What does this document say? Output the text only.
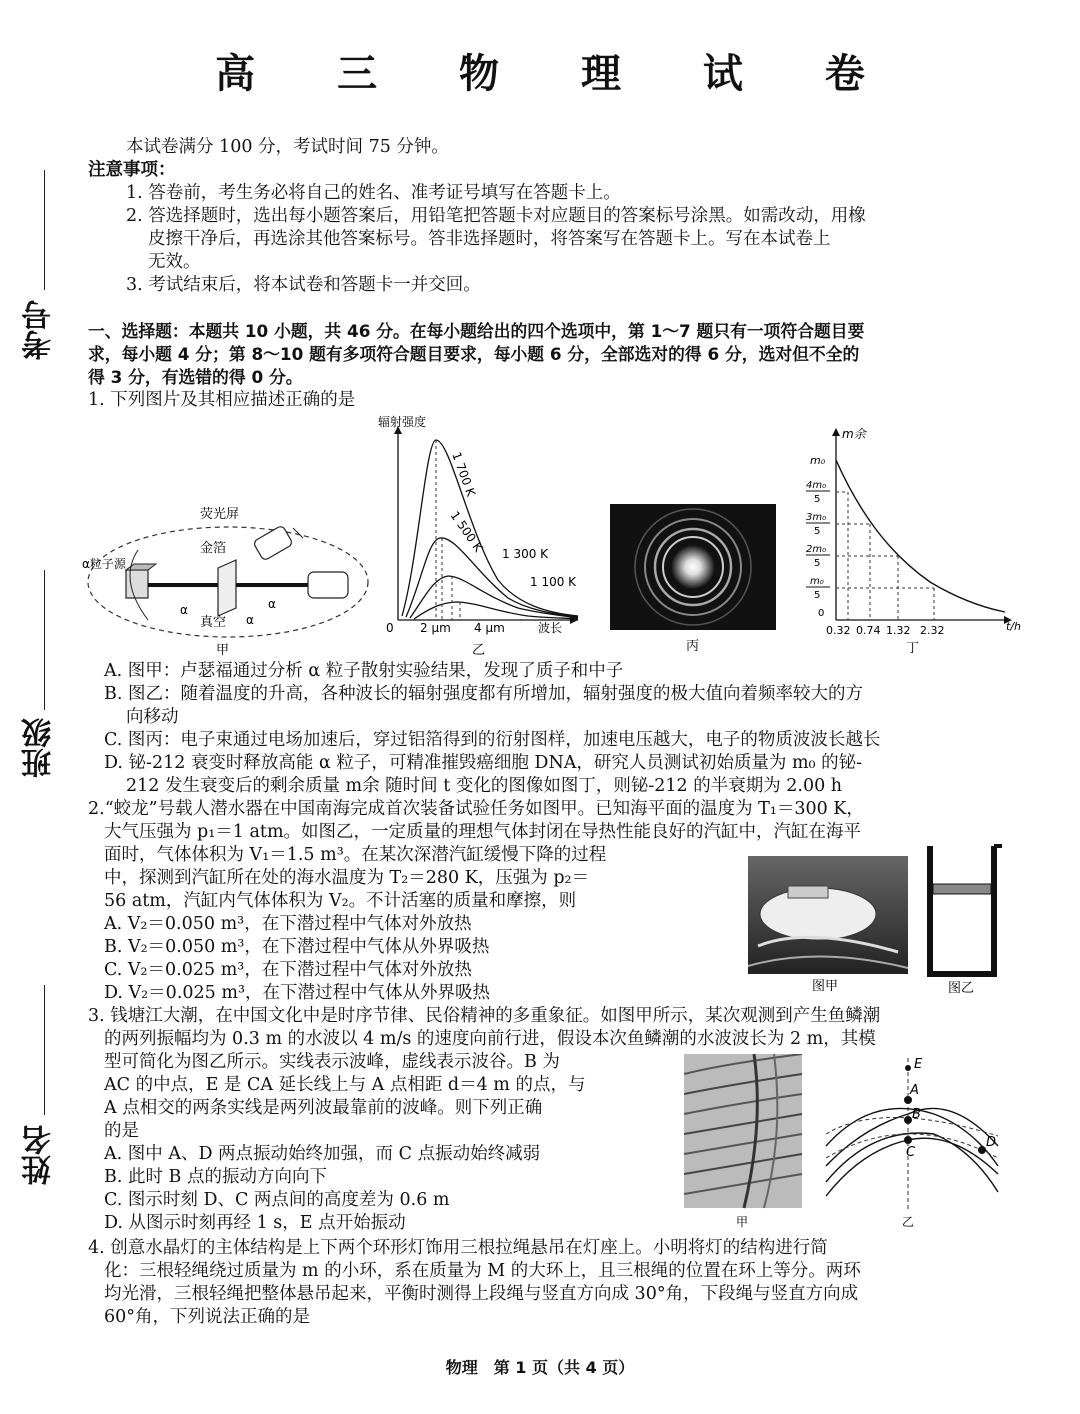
高 三 物 理 试 卷
考号
班级
姓名
本试卷满分 100 分，考试时间 75 分钟。
注意事项：
1. 答卷前，考生务必将自己的姓名、准考证号填写在答题卡上。
2. 答选择题时，选出每小题答案后，用铅笔把答题卡对应题目的答案标号涂黑。如需改动，用橡
皮擦干净后，再选涂其他答案标号。答非选择题时，将答案写在答题卡上。写在本试卷上
无效。
3. 考试结束后，将本试卷和答题卡一并交回。
一、选择题：本题共 10 小题，共 46 分。在每小题给出的四个选项中，第 1～7 题只有一项符合题目要
求，每小题 4 分；第 8～10 题有多项符合题目要求，每小题 6 分，全部选对的得 6 分，选对但不全的
得 3 分，有选错的得 0 分。
1. 下列图片及其相应描述正确的是
荧光屏
金箔
α粒子源
真空
α
α
α
甲
辐射强度
0 2 μm 4 μm	波长
1 700 K
1 500 K 1 300 K
1 100 K
乙	丙
m余
m₀
4m₀
5
3m₀
5
2m₀
5
m₀
5
0
0.32 0.74 1.32 2.32	t/h
丁
A. 图甲：卢瑟福通过分析 α 粒子散射实验结果，发现了质子和中子
B. 图乙：随着温度的升高，各种波长的辐射强度都有所增加，辐射强度的极大值向着频率较大的方
向移动
C. 图丙：电子束通过电场加速后，穿过铝箔得到的衍射图样，加速电压越大，电子的物质波波长越长
D. 铋-212 衰变时释放高能 α 粒子，可精准摧毁癌细胞 DNA，研究人员测试初始质量为 m₀ 的铋-
212 发生衰变后的剩余质量 m余 随时间 t 变化的图像如图丁，则铋-212 的半衰期为 2.00 h
2.“蛟龙”号载人潜水器在中国南海完成首次装备试验任务如图甲。已知海平面的温度为 T₁＝300 K，
大气压强为 p₁＝1 atm。如图乙，一定质量的理想气体封闭在导热性能良好的汽缸中，汽缸在海平
面时，气体体积为 V₁＝1.5 m³。在某次深潜汽缸缓慢下降的过程
中，探测到汽缸所在处的海水温度为 T₂＝280 K，压强为 p₂＝
56 atm，汽缸内气体体积为 V₂。不计活塞的质量和摩擦，则
A. V₂＝0.050 m³，在下潜过程中气体对外放热
B. V₂＝0.050 m³，在下潜过程中气体从外界吸热
C. V₂＝0.025 m³，在下潜过程中气体对外放热
D. V₂＝0.025 m³，在下潜过程中气体从外界吸热	图甲	图乙
3. 钱塘江大潮，在中国文化中是时序节律、民俗精神的多重象征。如图甲所示，某次观测到产生鱼鳞潮
的两列振幅均为 0.3 m 的水波以 4 m/s 的速度向前行进，假设本次鱼鳞潮的水波波长为 2 m，其模
型可简化为图乙所示。实线表示波峰，虚线表示波谷。B 为
AC 的中点，E 是 CA 延长线上与 A 点相距 d＝4 m 的点，与
A 点相交的两条实线是两列波最靠前的波峰。则下列正确
的是
A. 图中 A、D 两点振动始终加强，而 C 点振动始终减弱
B. 此时 B 点的振动方向向下
C. 图示时刻 D、C 两点间的高度差为 0.6 m
D. 从图示时刻再经 1 s，E 点开始振动	甲
E
A
B
C
D
乙
4. 创意水晶灯的主体结构是上下两个环形灯饰用三根拉绳悬吊在灯座上。小明将灯的结构进行简
化：三根轻绳绕过质量为 m 的小环，系在质量为 M 的大环上，且三根绳的位置在环上等分。两环
均光滑，三根轻绳把整体悬吊起来，平衡时测得上段绳与竖直方向成 30°角，下段绳与竖直方向成
60°角，下列说法正确的是
物理　第 1 页（共 4 页）
